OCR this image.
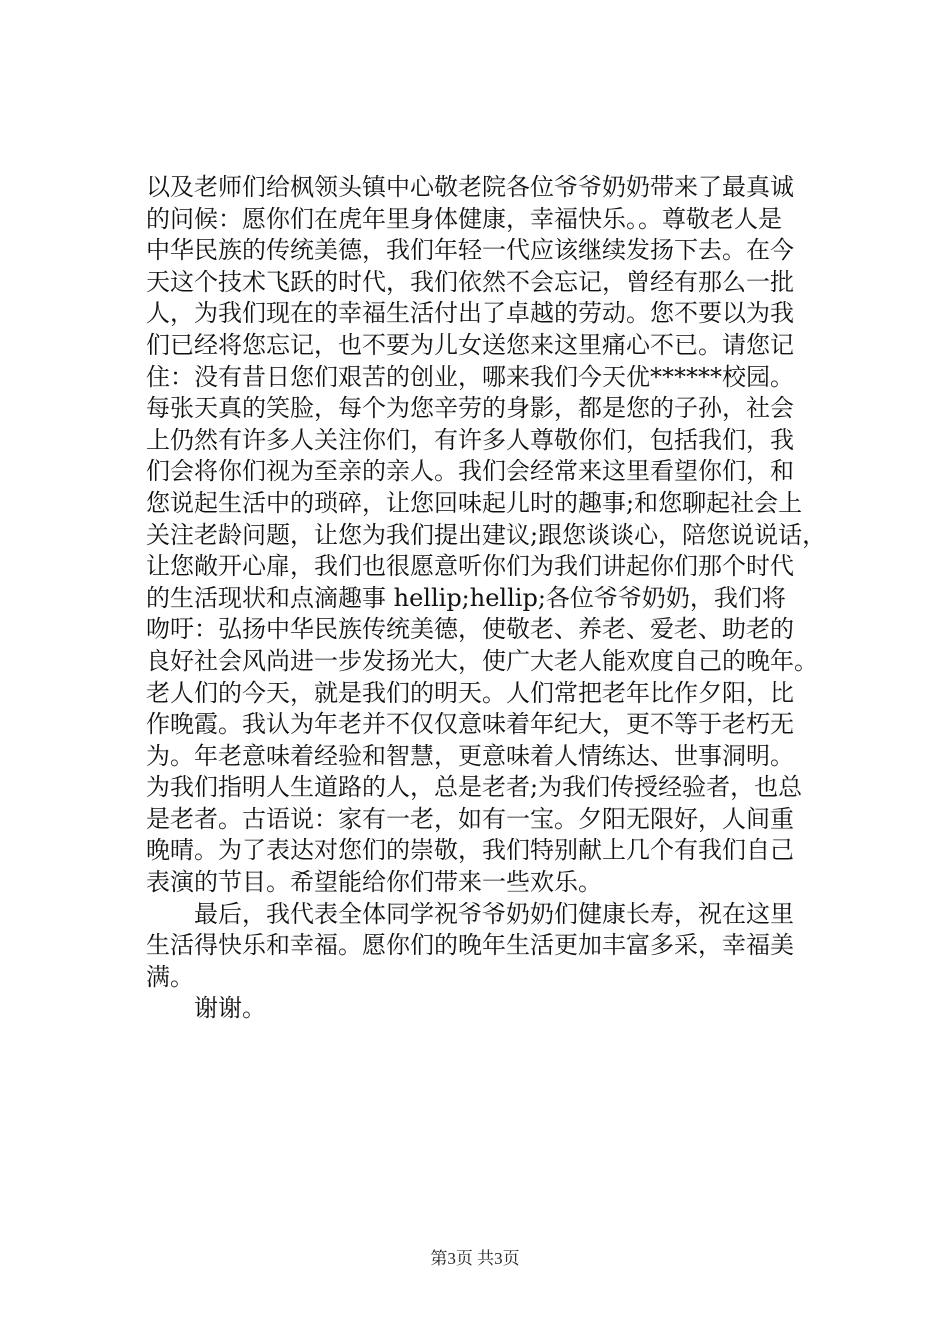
以及老师们给枫领头镇中心敬老院各位爷爷奶奶带来了最真诚
的问候：愿你们在虎年里身体健康，幸福快乐。。尊敬老人是
中华民族的传统美德，我们年轻一代应该继续发扬下去。在今
天这个技术飞跃的时代，我们依然不会忘记，曾经有那么一批
人，为我们现在的幸福生活付出了卓越的劳动。您不要以为我
们已经将您忘记，也不要为儿女送您来这里痛心不已。请您记
住：没有昔日您们艰苦的创业，哪来我们今天优******校园。
每张天真的笑脸，每个为您辛劳的身影，都是您的子孙，社会
上仍然有许多人关注你们，有许多人尊敬你们，包括我们，我
们会将你们视为至亲的亲人。我们会经常来这里看望你们，和
您说起生活中的琐碎，让您回味起儿时的趣事;和您聊起社会上
关注老龄问题，让您为我们提出建议;跟您谈谈心，陪您说说话，
让您敞开心扉，我们也很愿意听你们为我们讲起你们那个时代
的生活现状和点滴趣事 hellip;hellip;各位爷爷奶奶，我们将
吻吁：弘扬中华民族传统美德，使敬老、养老、爱老、助老的
良好社会风尚进一步发扬光大，使广大老人能欢度自己的晚年。
老人们的今天，就是我们的明天。人们常把老年比作夕阳，比
作晚霞。我认为年老并不仅仅意味着年纪大，更不等于老朽无
为。年老意味着经验和智慧，更意味着人情练达、世事洞明。
为我们指明人生道路的人，总是老者;为我们传授经验者，也总
是老者。古语说：家有一老，如有一宝。夕阳无限好，人间重
晚晴。为了表达对您们的崇敬，我们特别献上几个有我们自己
表演的节目。希望能给你们带来一些欢乐。
　　最后，我代表全体同学祝爷爷奶奶们健康长寿，祝在这里
生活得快乐和幸福。愿你们的晚年生活更加丰富多采，幸福美
满。
　　谢谢。
第3页 共3页
